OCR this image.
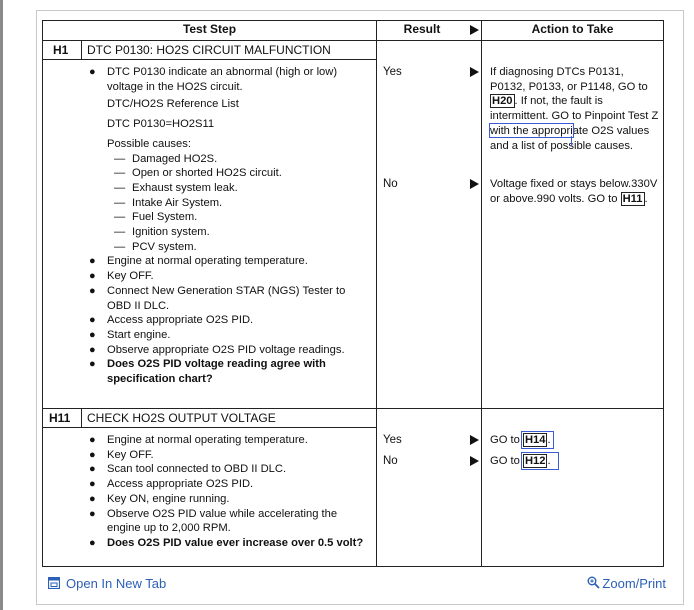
Test Step	Result	Action to Take
H1 DTC P0130: HO2S CIRCUIT MALFUNCTION
● DTC P0130 indicate an abnormal (high or low) voltage in the HO2S circuit.
DTC/HO2S Reference List
DTC P0130=HO2S11
Possible causes:
— Damaged HO2S.
— Open or shorted HO2S circuit.
— Exhaust system leak.
— Intake Air System.
— Fuel System.
— Ignition system.
— PCV system.
● Engine at normal operating temperature.
● Key OFF.
● Connect New Generation STAR (NGS) Tester to OBD II DLC.
● Access appropriate O2S PID.
● Start engine.
● Observe appropriate O2S PID voltage readings.
● Does O2S PID voltage reading agree with specification chart?
Yes	If diagnosing DTCs P0131, P0132, P0133, or P1148, GO to H20 . If not, the fault is intermittent. GO to Pinpoint Test Z with the appropriate O2S values and a list of possible causes.
No	Voltage fixed or stays below.330V or above.990 volts. GO to H11 .
H11 CHECK HO2S OUTPUT VOLTAGE
● Engine at normal operating temperature.
● Key OFF.
● Scan tool connected to OBD II DLC.
● Access appropriate O2S PID.
● Key ON, engine running.
● Observe O2S PID value while accelerating the engine up to 2,000 RPM.
● Does O2S PID value ever increase over 0.5 volt?
Yes	GO to H14 .
No	GO to H12 .
Open In New Tab	Zoom/Print
